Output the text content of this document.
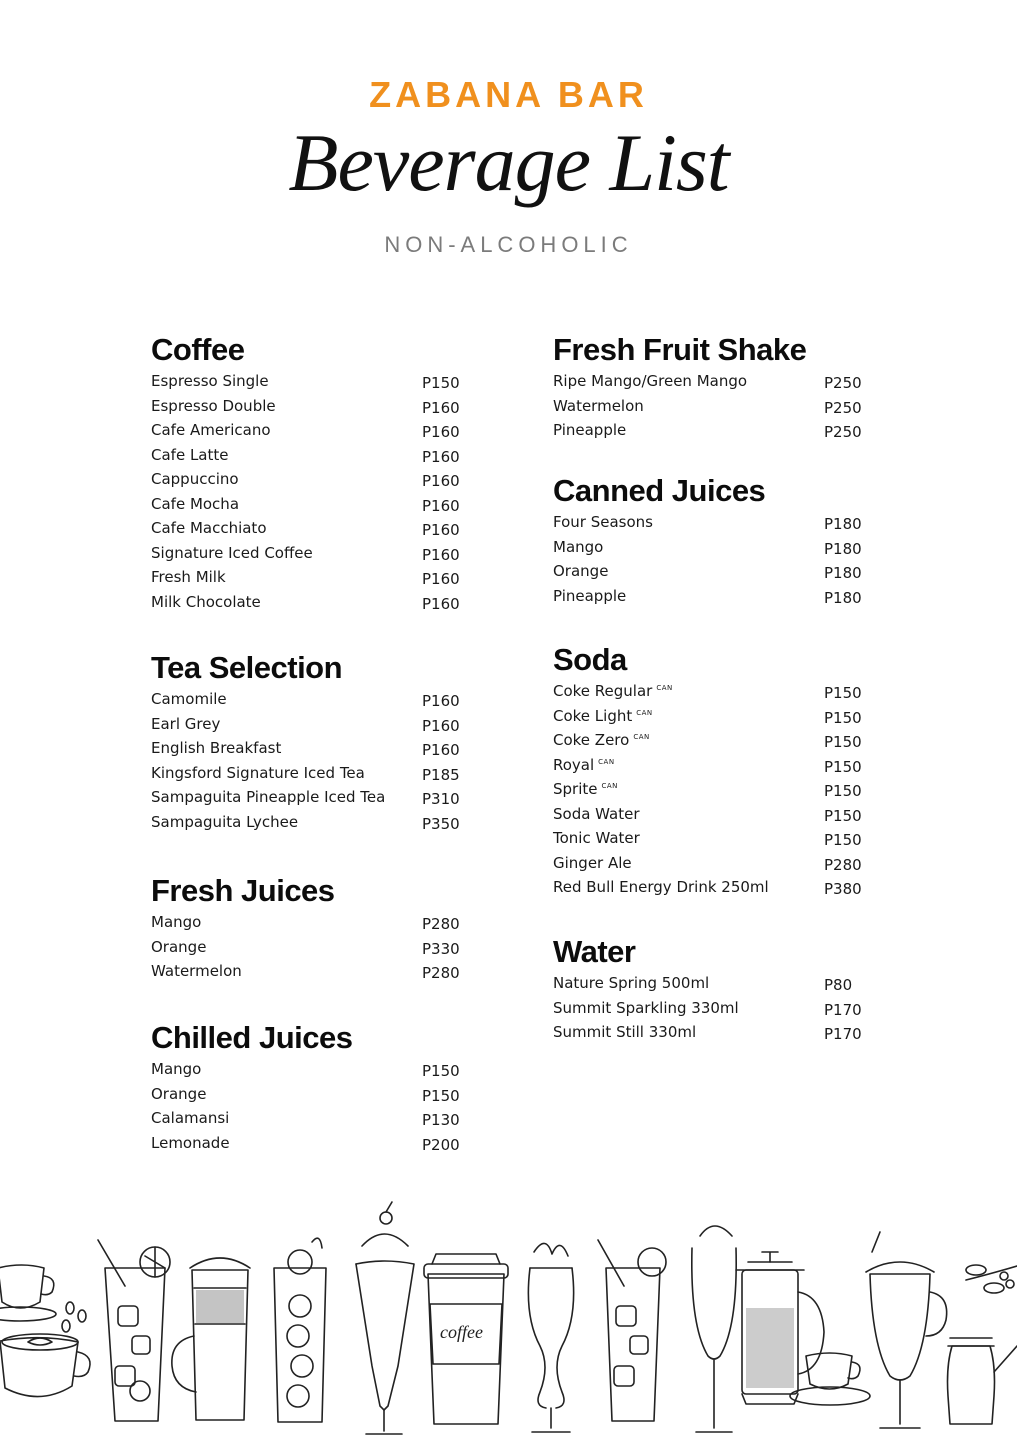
ZABANA BAR
Beverage List
NON-ALCOHOLIC
Coffee
Espresso Single	P150
Espresso Double	P160
Cafe Americano	P160
Cafe Latte	P160
Cappuccino	P160
Cafe Mocha	P160
Cafe Macchiato	P160
Signature Iced Coffee	P160
Fresh Milk	P160
Milk Chocolate	P160
Tea Selection
Camomile	P160
Earl Grey	P160
English Breakfast	P160
Kingsford Signature Iced Tea	P185
Sampaguita Pineapple Iced Tea P310
Sampaguita Lychee	P350
Fresh Juices
Mango	P280
Orange	P330
Watermelon	P280
Chilled Juices
Mango	P150
Orange	P150
Calamansi	P130
Lemonade	P200
Fresh Fruit Shake
Ripe Mango/Green Mango	P250
Watermelon	P250
Pineapple	P250
Canned Juices
Four Seasons	P180
Mango	P180
Orange	P180
Pineapple	P180
Soda
Coke Regular $^{CAN}$	P150
Coke Light $^{CAN}$	P150
Coke Zero $^{CAN}$	P150
Royal $^{CAN}$	P150
Sprite $^{CAN}$	P150
Soda Water	P150
Tonic Water	P150
Ginger Ale	P280
Red Bull Energy Drink 250ml	P380
Water
Nature Spring 500ml	P80
Summit Sparkling 330ml	P170
Summit Still 330ml	P170
coffee
